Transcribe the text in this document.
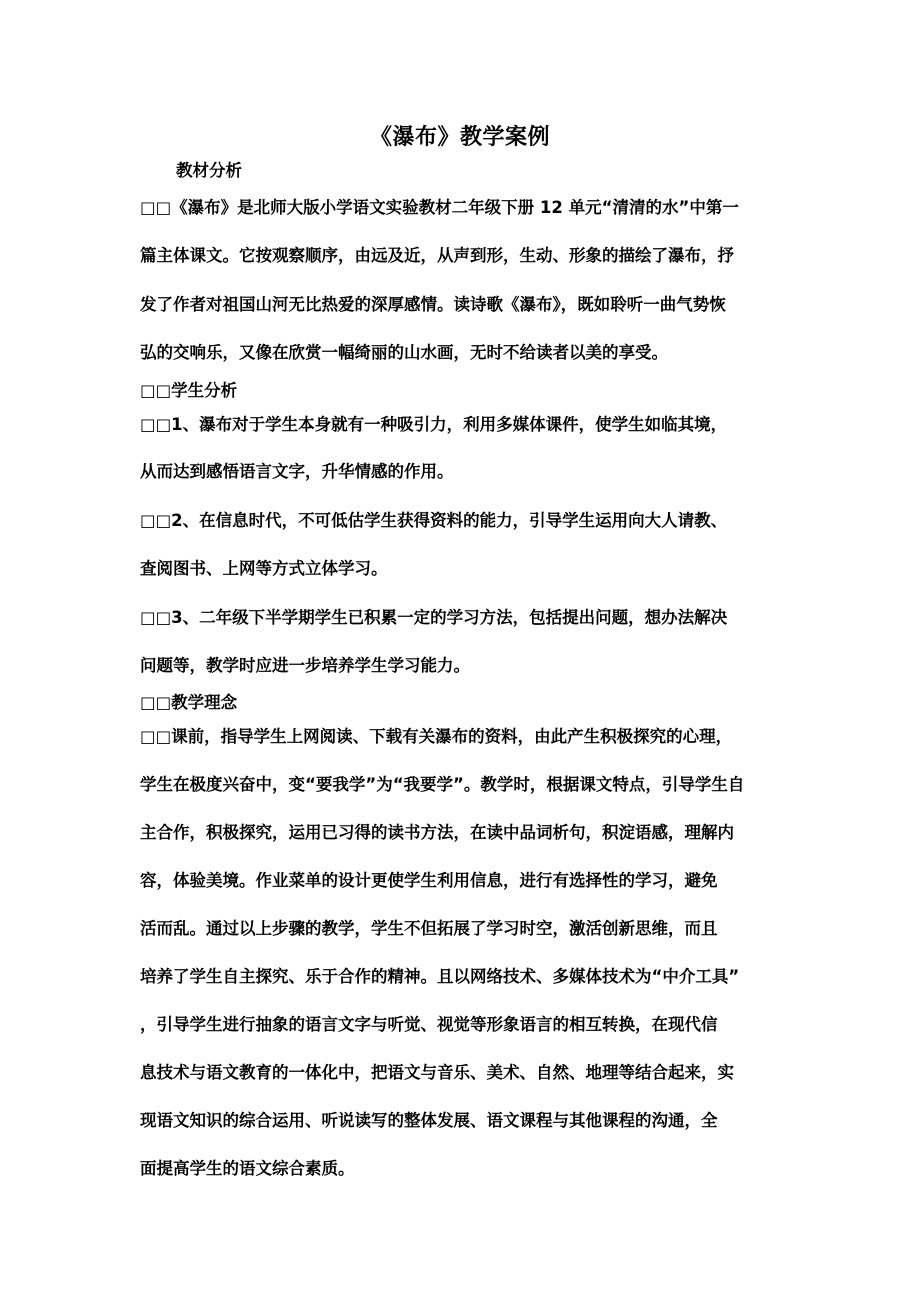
《瀑布》教学案例
教材分析
□□《瀑布》是北师大版小学语文实验教材二年级下册 12 单元“清清的水”中第一
篇主体课文。它按观察顺序，由远及近，从声到形，生动、形象的描绘了瀑布，抒
发了作者对祖国山河无比热爱的深厚感情。读诗歌《瀑布》，既如聆听一曲气势恢
弘的交响乐，又像在欣赏一幅绮丽的山水画，无时不给读者以美的享受。
□□学生分析
□□1、瀑布对于学生本身就有一种吸引力，利用多媒体课件，使学生如临其境，
从而达到感悟语言文字，升华情感的作用。
□□2、在信息时代，不可低估学生获得资料的能力，引导学生运用向大人请教、
查阅图书、上网等方式立体学习。
□□3、二年级下半学期学生已积累一定的学习方法，包括提出问题，想办法解决
问题等，教学时应进一步培养学生学习能力。
□□教学理念
□□课前，指导学生上网阅读、下载有关瀑布的资料，由此产生积极探究的心理，
学生在极度兴奋中，变“要我学”为“我要学”。教学时，根据课文特点，引导学生自
主合作，积极探究，运用已习得的读书方法，在读中品词析句，积淀语感，理解内
容，体验美境。作业菜单的设计更使学生利用信息，进行有选择性的学习，避免
活而乱。通过以上步骤的教学，学生不但拓展了学习时空，激活创新思维，而且
培养了学生自主探究、乐于合作的精神。且以网络技术、多媒体技术为“中介工具”
，引导学生进行抽象的语言文字与听觉、视觉等形象语言的相互转换，在现代信
息技术与语文教育的一体化中，把语文与音乐、美术、自然、地理等结合起来，实
现语文知识的综合运用、听说读写的整体发展、语文课程与其他课程的沟通，全
面提高学生的语文综合素质。
